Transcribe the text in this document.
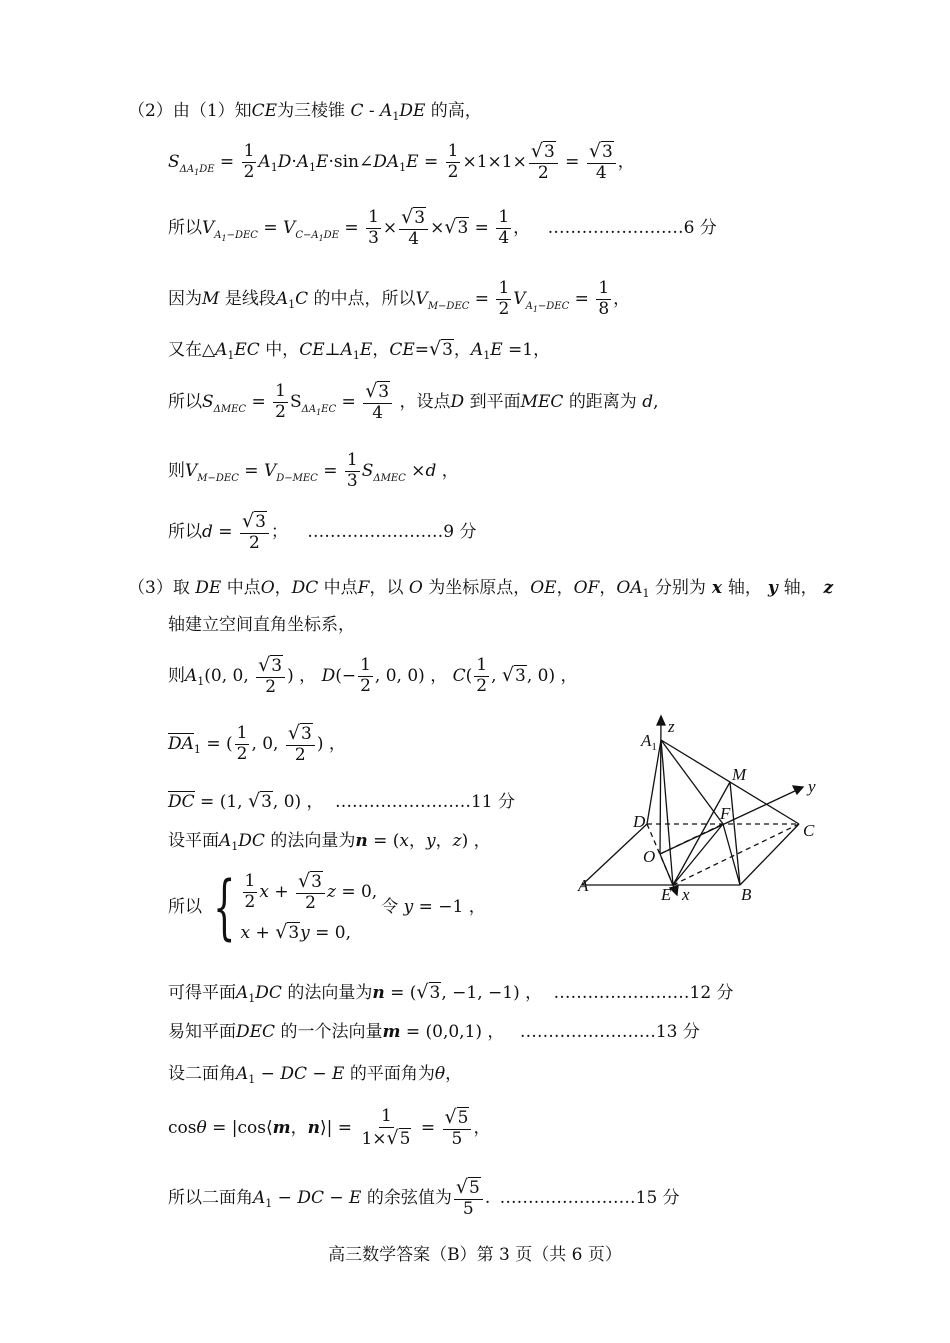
（2）由（1）知CE为三棱锥 C - $A_1DE$ 的高，
$S_{\Delta A_1DE} = \frac{1}{2}$ $A_1D\cdot A_1E\cdot\sin\angle DA_1E = \frac{1}{2} \times 1\times 1\times \frac{√3}{2} = \frac{√3}{4}$ ，
所以$V_{A_1-DEC} = V_{C-A_1DE} = \frac{1}{3} \times \frac{√3}{4} \times√3 = \frac{1}{4}$ ， ……………………6 分
因为M 是线段$A_1C$ 的中点，所以$V_{M-DEC} = \frac{1}{2} V_{A_1-DEC} = \frac{1}{8}$ ，
又在$\triangle A_1EC$ 中，$CE\perp A_1E$，CE=√3，$A_1E =1$，
所以$S_{\Delta MEC} = \frac{1}{2} S_{\Delta A_1EC} = \frac{√3}{4}$ ，设点D 到平面MEC 的距离为 d,
则$V_{M-DEC} = V_{D-MEC} = \frac{1}{3} S_{\Delta MEC} \times d$ ，
所以$d = \frac{√3}{2}$ ； ……………………9 分
（3）取 DE 中点O，DC 中点F，以 O 为坐标原点，OE，OF，$OA_1$ 分别为 x 轴， y 轴， z
轴建立空间直角坐标系，
则$A_1(0$, 0, $\frac{√3}{2}$ ) ， $D(- \frac{1}{2}$ , 0, 0) ， $C( \frac{1}{2}$ , √3, 0) ，
$DA_1$ = ( $\frac{1}{2}$ , 0, $\frac{√3}{2}$ ) ，
DC = (1, √3, 0) ， ……………………11 分
设平面$A_1DC$ 的法向量为n = (x，y，z) ，
所以 { $\frac{1}{2}$ $x + \frac{√3}{2}$ z = 0,
x + √3y = 0,
令 y = −1 ，
可得平面$A_1DC$ 的法向量为n = (√3, −1, −1) ， ……………………12 分
易知平面DEC 的一个法向量m = (0,0,1) ， ……………………13 分
设二面角$A_1$ − DC − E 的平面角为θ，
cosθ = |cos⟨m，n⟩| = $\frac{1}{1\times√5} = \frac{√5}{5}$ ，
所以二面角$A_1$ − DC − E 的余弦值为 $\frac{√5}{5}$ . ……………………15 分
$A_1$
z
M
y
D	F
C
O
A	E x	B
高三数学答案（B）第 3 页（共 6 页）
